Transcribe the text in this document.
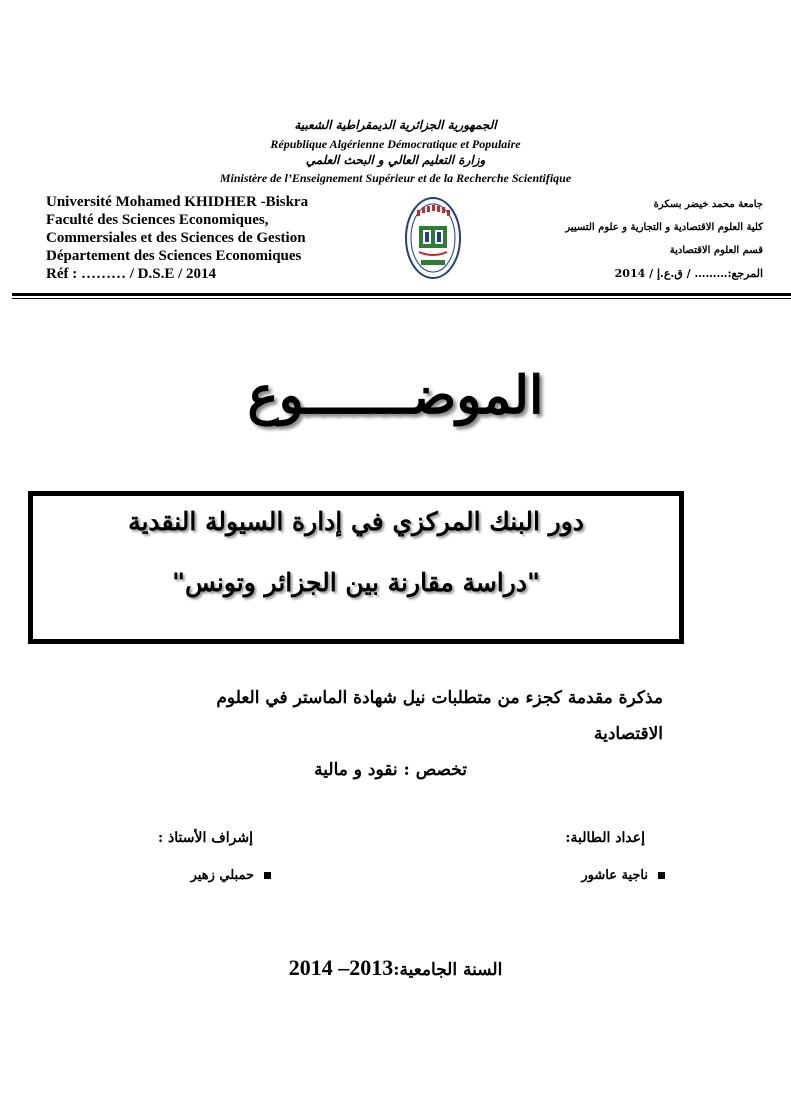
الجمهورية الجزائرية الديمقراطية الشعبية
République Algérienne Démocratique et Populaire
وزارة التعليم العالي و البحث العلمي
Ministère de l’Enseignement Supérieur et de la Recherche Scientifique
Université Mohamed KHIDHER -Biskra
Faculté des Sciences Economiques,
Commersiales et des Sciences de Gestion
Département des Sciences Economiques
Réf : ……… / D.S.E / 2014
جامعة محمد خيضر بسكرة
كلية العلوم الاقتصادية و التجارية و علوم التسيير
قسم العلوم الاقتصادية
المرجع:……… / ق.ع.إ / 2014
الموضـــــــوع
دور البنك المركزي في إدارة السيولة النقدية
"دراسة مقارنة بين الجزائر وتونس"
مذكرة مقدمة كجزء من متطلبات نيل شهادة الماستر في العلوم الاقتصادية
تخصص : نقود و مالية
إعداد الطالبة:
إشراف الأستاذ :
ناجية عاشور
حمبلي زهير
السنة الجامعية:2013– 2014
